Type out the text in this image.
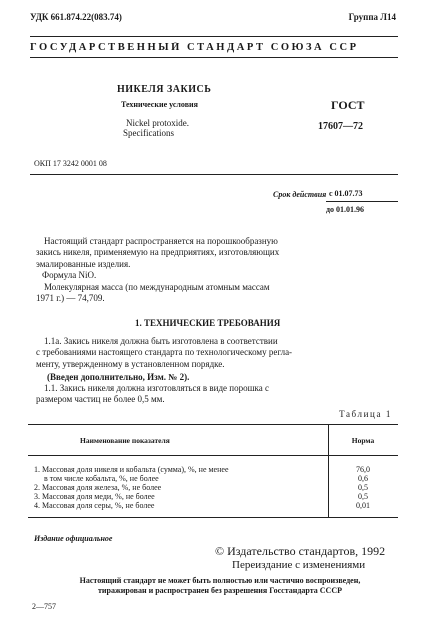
УДК 661.874.22(083.74)	Группа Л14
ГОСУДАРСТВЕННЫЙ СТАНДАРТ СОЮЗА ССР
НИКЕЛЯ ЗАКИСЬ
Технические условия
Nickel protoxide.
Specifications
ГОСТ
17607—72
ОКП 17 3242 0001 08
Срок действия с 01.07.73
до 01.01.96
Настоящий стандарт распространяется на порошкообразную
закись никеля, применяемую на предприятиях, изготовляющих
эмалированные изделия.
Формула NiO.
Молекулярная масса (по международным атомным массам
1971 г.) — 74,709.
1. ТЕХНИЧЕСКИЕ ТРЕБОВАНИЯ
1.1а. Закись никеля должна быть изготовлена в соответствии
с требованиями настоящего стандарта по технологическому регла-
менту, утвержденному в установленном порядке.
(Введен дополнительно, Изм. № 2).
1.1. Закись никеля должна изготовляться в виде порошка с
размером частиц не более 0,5 мм.
Таблица 1
Наименование показателя	Норма
1. Массовая доля никеля и кобальта (сумма), %, не менее	76,0
в том числе кобальта, %, не более	0,6
2. Массовая доля железа, %, не более	0,5
3. Массовая доля меди, %, не более	0,5
4. Массовая доля серы, %, не более	0,01
Издание официальное
© Издательство стандартов, 1992
Переиздание с изменениями
Настоящий стандарт не может быть полностью или частично воспроизведен,
тиражирован и распространен без разрешения Госстандарта СССР
2—757
